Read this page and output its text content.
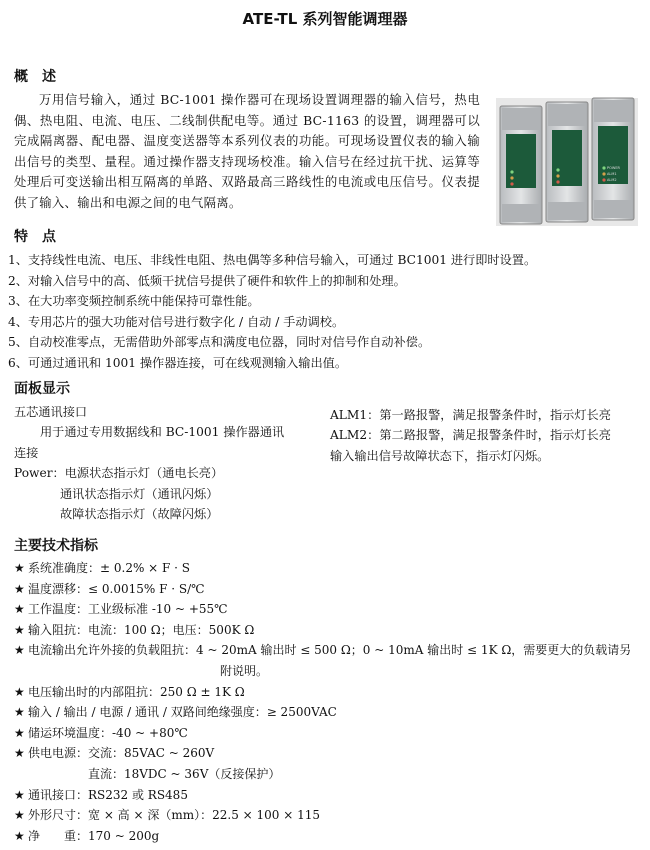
ATE-TL 系列智能调理器
概　述
万用信号输入，通过 BC-1001 操作器可在现场设置调理器的输入信号，热电偶、热电阻、电流、电压、二线制供配电等。通过 BC-1163 的设置，调理器可以完成隔离器、配电器、温度变送器等本系列仪表的功能。可现场设置仪表的输入输出信号的类型、量程。通过操作器支持现场校准。输入信号在经过抗干扰、运算等处理后可变送输出相互隔离的单路、双路最高三路线性的电流或电压信号。仪表提供了输入、输出和电源之间的电气隔离。
POWER
ALM1
ALM2
特　点
1、支持线性电流、电压、非线性电阻、热电偶等多种信号输入，可通过 BC1001 进行即时设置。
2、对输入信号中的高、低频干扰信号提供了硬件和软件上的抑制和处理。
3、在大功率变频控制系统中能保持可靠性能。
4、专用芯片的强大功能对信号进行数字化 / 自动 / 手动调校。
5、自动校准零点，无需借助外部零点和满度电位器，同时对信号作自动补偿。
6、可通过通讯和 1001 操作器连接，可在线观测输入输出值。
面板显示
五芯通讯接口
用于通过专用数据线和 BC-1001 操作器通讯
连接
Power：电源状态指示灯（通电长亮）
通讯状态指示灯（通讯闪烁）
故障状态指示灯（故障闪烁）
ALM1：第一路报警，满足报警条件时，指示灯长亮
ALM2：第二路报警，满足报警条件时，指示灯长亮
输入输出信号故障状态下，指示灯闪烁。
主要技术指标
★ 系统准确度：± 0.2% × F · S
★ 温度漂移：≤ 0.0015% F · S/℃
★ 工作温度：工业级标准 -10 ~ +55℃
★ 输入阻抗：电流：100 Ω；电压：500K Ω
★ 电流输出允许外接的负载阻抗：4 ~ 20mA 输出时 ≤ 500 Ω；0 ~ 10mA 输出时 ≤ 1K Ω，需要更大的负载请另
附说明。
★ 电压输出时的内部阻抗：250 Ω ± 1K Ω
★ 输入 / 输出 / 电源 / 通讯 / 双路间绝缘强度：≥ 2500VAC
★ 储运环境温度：-40 ~ +80℃
★ 供电电源：交流：85VAC ~ 260V
直流：18VDC ~ 36V（反接保护）
★ 通讯接口：RS232 或 RS485
★ 外形尺寸：宽 × 高 × 深（mm）：22.5 × 100 × 115
★ 净　　重：170 ~ 200g
